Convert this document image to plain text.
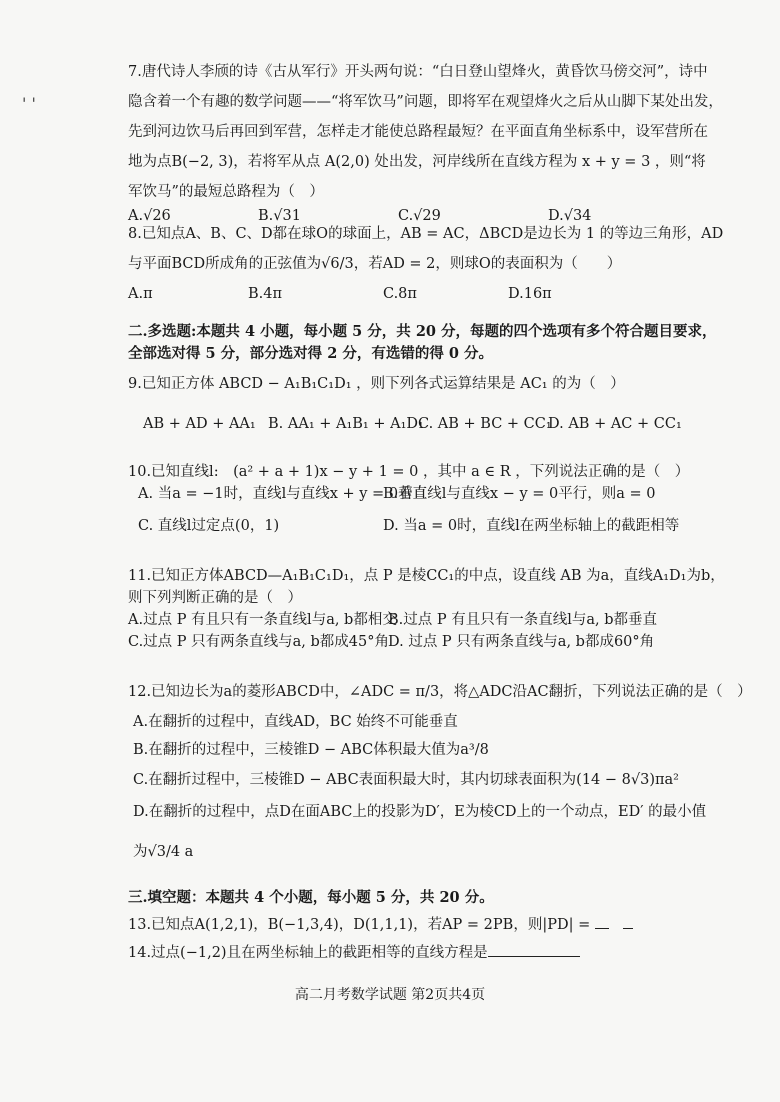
' '
7.唐代诗人李颀的诗《古从军行》开头两句说：“白日登山望烽火，黄昏饮马傍交河”，诗中
隐含着一个有趣的数学问题——“将军饮马”问题，即将军在观望烽火之后从山脚下某处出发，
先到河边饮马后再回到军营，怎样走才能使总路程最短？在平面直角坐标系中，设军营所在
地为点B(−2, 3)，若将军从点 A(2,0) 处出发，河岸线所在直线方程为 x + y = 3 ，则“将
军饮马”的最短总路程为（　）
A.√26	B.√31	C.√29	D.√34
8.已知点A、B、C、D都在球O的球面上，AB = AC，ΔBCD是边长为 1 的等边三角形，AD
与平面BCD所成角的正弦值为√6/3，若AD = 2，则球O的表面积为（　　）
A.π	B.4π	C.8π	D.16π
二.多选题:本题共 4 小题，每小题 5 分，共 20 分，每题的四个选项有多个符合题目要求，
全部选对得 5 分，部分选对得 2 分，有选错的得 0 分。
9.已知正方体 ABCD − A₁B₁C₁D₁ ，则下列各式运算结果是 AC₁ 的为（　）
AB + AD + AA₁ B. AA₁ + A₁B₁ + A₁D₁
C. AB + BC + CC₁
D. AB + AC + CC₁
10.已知直线l:　(a² + a + 1)x − y + 1 = 0 ，其中 a ∈ R ，下列说法正确的是（　）
A. 当a = −1时，直线l与直线x + y = 0垂直
B.若直线l与直线x − y = 0平行，则a = 0
C. 直线l过定点(0，1)	D. 当a = 0时，直线l在两坐标轴上的截距相等
11.已知正方体ABCD—A₁B₁C₁D₁，点 P 是棱CC₁的中点，设直线 AB 为a，直线A₁D₁为b，
则下列判断正确的是（　）
A.过点 P 有且只有一条直线l与a, b都相交
B.过点 P 有且只有一条直线l与a, b都垂直
C.过点 P 只有两条直线与a, b都成45°角
D. 过点 P 只有两条直线与a, b都成60°角
12.已知边长为a的菱形ABCD中，∠ADC = π/3，将△ADC沿AC翻折，下列说法正确的是（　）
A.在翻折的过程中，直线AD，BC 始终不可能垂直
B.在翻折的过程中，三棱锥D − ABC体积最大值为a³/8
C.在翻折过程中，三棱锥D − ABC表面积最大时，其内切球表面积为(14 − 8√3)πa²
D.在翻折的过程中，点D在面ABC上的投影为D′，E为棱CD上的一个动点，ED′ 的最小值
为√3/4 a
三.填空题：本题共 4 个小题，每小题 5 分，共 20 分。
13.已知点A(1,2,1)，B(−1,3,4)，D(1,1,1)，若AP = 2PB，则|PD| = 　
14.过点(−1,2)且在两坐标轴上的截距相等的直线方程是
高二月考数学试题 第2页共4页
